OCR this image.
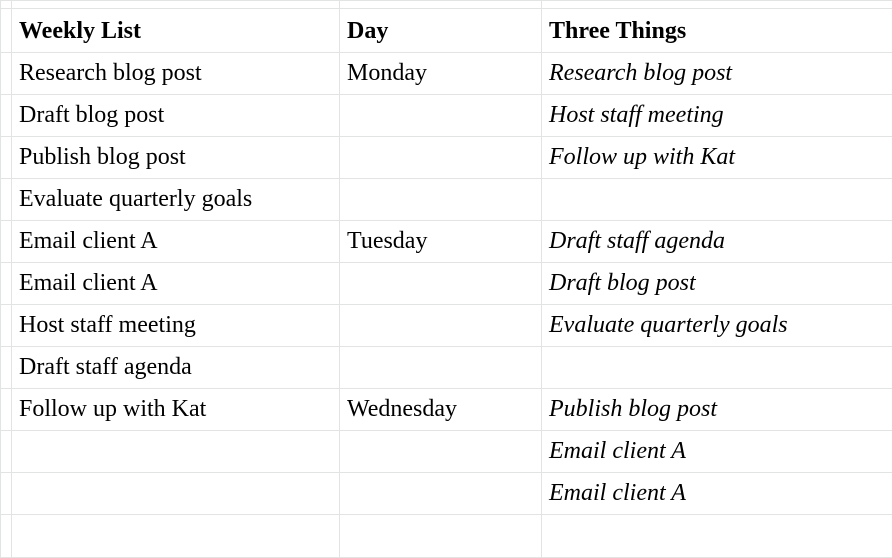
	Weekly List	Day	Three Things
	Research blog post	Monday	Research blog post
	Draft blog post		Host staff meeting
	Publish blog post		Follow up with Kat
	Evaluate quarterly goals		
	Email client A	Tuesday	Draft staff agenda
	Email client A		Draft blog post
	Host staff meeting		Evaluate quarterly goals
	Draft staff agenda		
	Follow up with Kat	Wednesday	Publish blog post
			Email client A
			Email client A
